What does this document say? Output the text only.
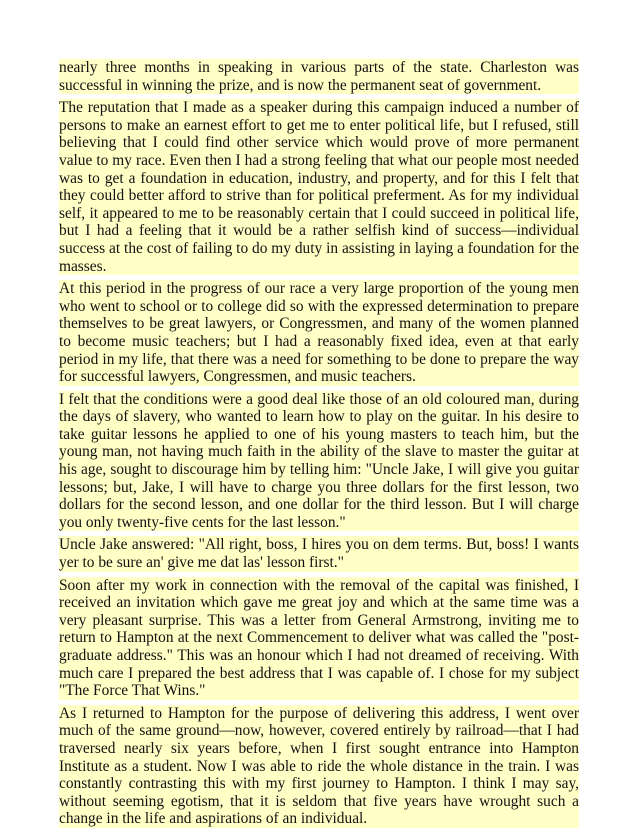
nearly three months in speaking in various parts of the state. Charleston was successful in winning the prize, and is now the permanent seat of government.

The reputation that I made as a speaker during this campaign induced a number of persons to make an earnest effort to get me to enter political life, but I refused, still believing that I could find other service which would prove of more permanent value to my race. Even then I had a strong feeling that what our people most needed was to get a foundation in education, industry, and property, and for this I felt that they could better afford to strive than for political preferment. As for my individual self, it appeared to me to be reasonably certain that I could succeed in political life, but I had a feeling that it would be a rather selfish kind of success—individual success at the cost of failing to do my duty in assisting in laying a foundation for the masses.

At this period in the progress of our race a very large proportion of the young men who went to school or to college did so with the expressed determination to prepare themselves to be great lawyers, or Congressmen, and many of the women planned to become music teachers; but I had a reasonably fixed idea, even at that early period in my life, that there was a need for something to be done to prepare the way for successful lawyers, Congressmen, and music teachers.

I felt that the conditions were a good deal like those of an old coloured man, during the days of slavery, who wanted to learn how to play on the guitar. In his desire to take guitar lessons he applied to one of his young masters to teach him, but the young man, not having much faith in the ability of the slave to master the guitar at his age, sought to discourage him by telling him: "Uncle Jake, I will give you guitar lessons; but, Jake, I will have to charge you three dollars for the first lesson, two dollars for the second lesson, and one dollar for the third lesson. But I will charge you only twenty-five cents for the last lesson."

Uncle Jake answered: "All right, boss, I hires you on dem terms. But, boss! I wants yer to be sure an' give me dat las' lesson first."

Soon after my work in connection with the removal of the capital was finished, I received an invitation which gave me great joy and which at the same time was a very pleasant surprise. This was a letter from General Armstrong, inviting me to return to Hampton at the next Commencement to deliver what was called the "post-graduate address." This was an honour which I had not dreamed of receiving. With much care I prepared the best address that I was capable of. I chose for my subject "The Force That Wins."

As I returned to Hampton for the purpose of delivering this address, I went over much of the same ground—now, however, covered entirely by railroad—that I had traversed nearly six years before, when I first sought entrance into Hampton Institute as a student. Now I was able to ride the whole distance in the train. I was constantly contrasting this with my first journey to Hampton. I think I may say, without seeming egotism, that it is seldom that five years have wrought such a change in the life and aspirations of an individual.
